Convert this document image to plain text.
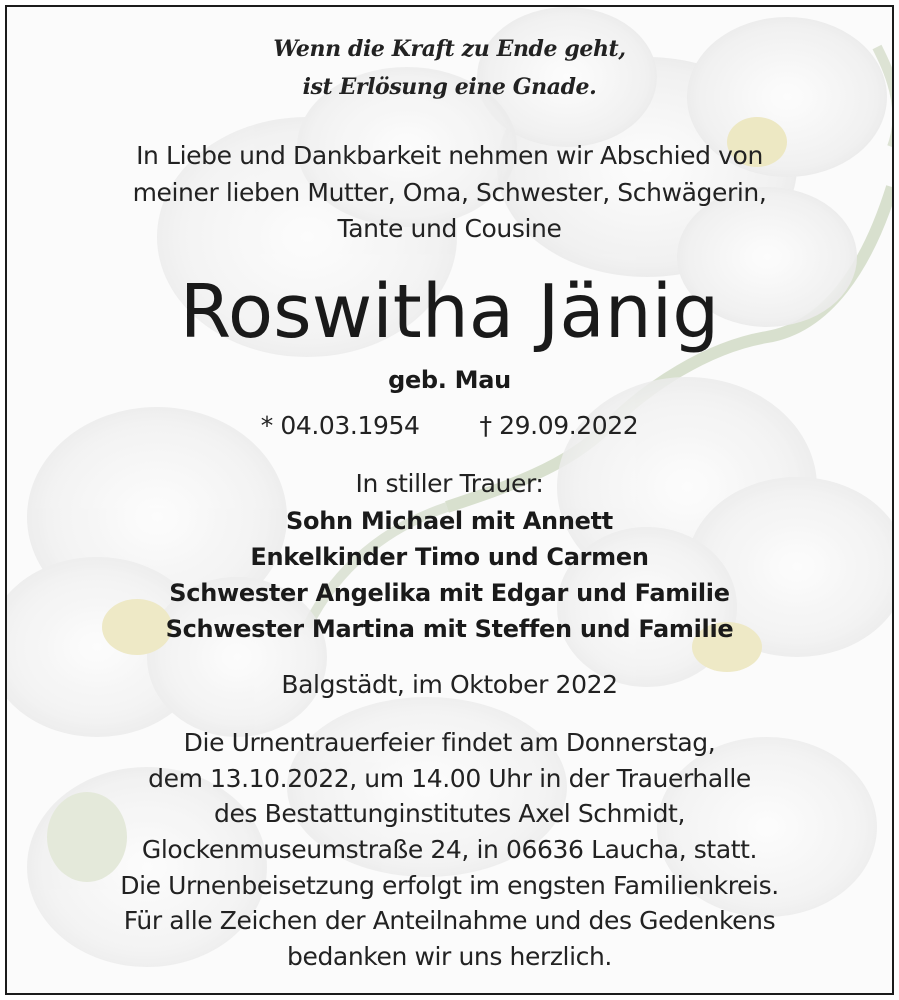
Wenn die Kraft zu Ende geht,
ist Erlösung eine Gnade.
In Liebe und Dankbarkeit nehmen wir Abschied von
meiner lieben Mutter, Oma, Schwester, Schwägerin,
Tante und Cousine
Roswitha Jänig
geb. Mau
* 04.03.1954 † 29.09.2022
In stiller Trauer:
Sohn Michael mit Annett
Enkelkinder Timo und Carmen
Schwester Angelika mit Edgar und Familie
Schwester Martina mit Steffen und Familie
Balgstädt, im Oktober 2022
Die Urnentrauerfeier findet am Donnerstag,
dem 13.10.2022, um 14.00 Uhr in der Trauerhalle
des Bestattunginstitutes Axel Schmidt,
Glockenmuseumstraße 24, in 06636 Laucha, statt.
Die Urnenbeisetzung erfolgt im engsten Familienkreis.
Für alle Zeichen der Anteilnahme und des Gedenkens
bedanken wir uns herzlich.
